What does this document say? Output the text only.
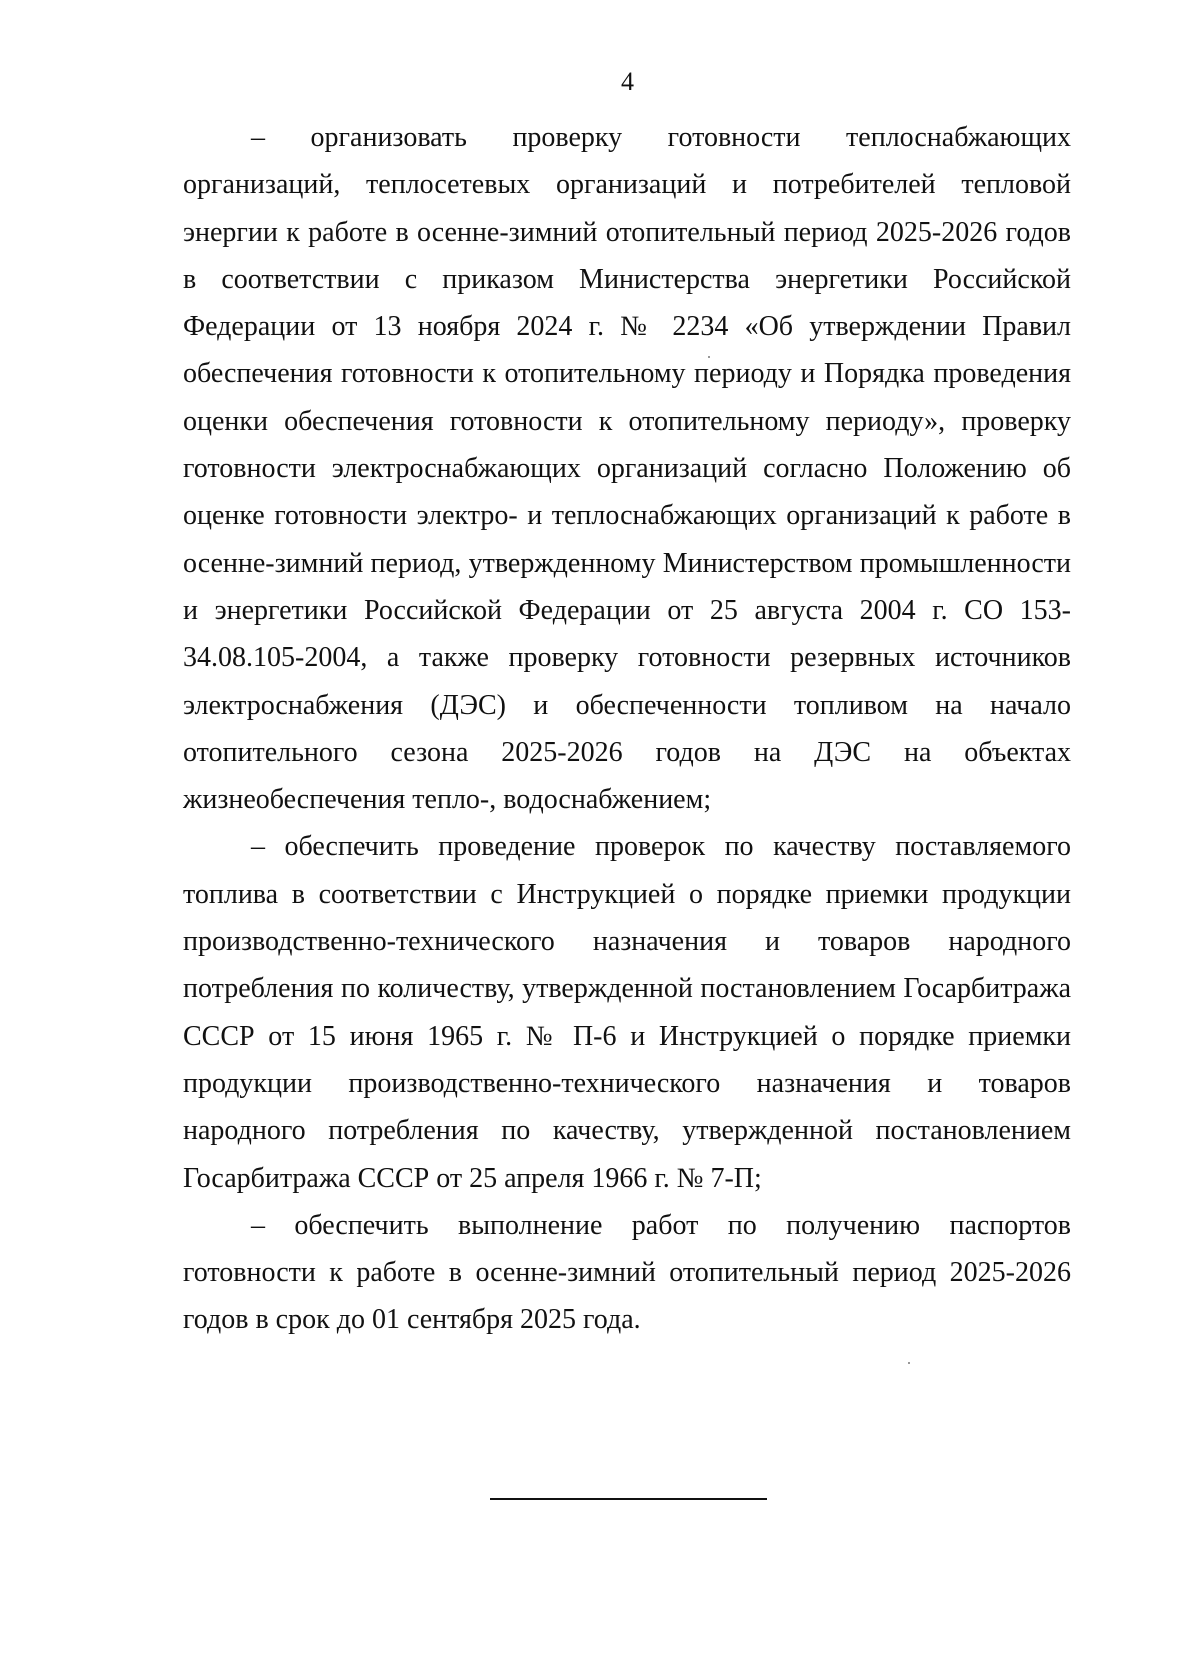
4

– организовать проверку готовности теплоснабжающих организаций, теплосетевых организаций и потребителей тепловой энергии к работе в осенне-зимний отопительный период 2025-2026 годов в соответствии с приказом Министерства энергетики Российской Федерации от 13 ноября 2024 г. № 2234 «Об утверждении Правил обеспечения готовности к отопительному периоду и Порядка проведения оценки обеспечения готовности к отопительному периоду», проверку готовности электроснабжающих организаций согласно Положению об оценке готовности электро- и теплоснабжающих организаций к работе в осенне-зимний период, утвержденному Министерством промышленности и энергетики Российской Федерации от 25 августа 2004 г. СО 153-34.08.105-2004, а также проверку готовности резервных источников электроснабжения (ДЭС) и обеспеченности топливом на начало отопительного сезона 2025-2026 годов на ДЭС на объектах жизнеобеспечения тепло-, водоснабжением;

– обеспечить проведение проверок по качеству поставляемого топлива в соответствии с Инструкцией о порядке приемки продукции производственно-технического назначения и товаров народного потребления по количеству, утвержденной постановлением Госарбитража СССР от 15 июня 1965 г. № П-6 и Инструкцией о порядке приемки продукции производственно-технического назначения и товаров народного потребления по качеству, утвержденной постановлением Госарбитража СССР от 25 апреля 1966 г. № 7-П;

– обеспечить выполнение работ по получению паспортов готовности к работе в осенне-зимний отопительный период 2025-2026 годов в срок до 01 сентября 2025 года.
